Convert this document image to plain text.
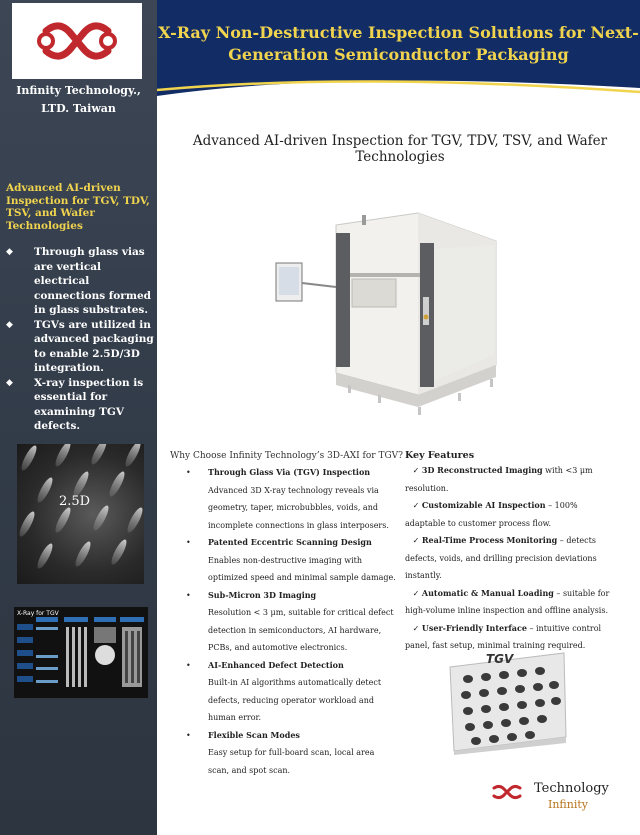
Infinity Technology., LTD. Taiwan
Advanced AI-driven Inspection for TGV, TDV, TSV, and Wafer Technologies
◆ Through glass vias are vertical electrical connections formed in glass substrates.
◆ TGVs are utilized in advanced packaging to enable 2.5D/3D integration.
◆ X-ray inspection is essential for examining TGV defects.
2.5D
X-Ray for TGV
X-Ray Non-Destructive Inspection Solutions for Next-Generation Semiconductor Packaging
Advanced AI-driven Inspection for TGV, TDV, TSV, and Wafer Technologies
Why Choose Infinity Technology’s 3D-AXI for TGV?
• Through Glass Via (TGV) Inspection
Advanced 3D X-ray technology reveals via geometry, taper, microbubbles, voids, and incomplete connections in glass interposers.
• Patented Eccentric Scanning Design
Enables non-destructive imaging with optimized speed and minimal sample damage.
• Sub-Micron 3D Imaging
Resolution < 3 μm, suitable for critical defect detection in semiconductors, AI hardware, PCBs, and automotive electronics.
• AI-Enhanced Defect Detection
Built-in AI algorithms automatically detect defects, reducing operator workload and human error.
• Flexible Scan Modes
Easy setup for full-board scan, local area scan, and spot scan.
Key Features
✓ 3D Reconstructed Imaging with <3 μm resolution.
✓ Customizable AI Inspection – 100% adaptable to customer process flow.
✓ Real-Time Process Monitoring – detects defects, voids, and drilling precision deviations instantly.
✓ Automatic & Manual Loading – suitable for high-volume inline inspection and offline analysis.
✓ User-Friendly Interface – intuitive control panel, fast setup, minimal training required.
TGV
Technology
Infinity
